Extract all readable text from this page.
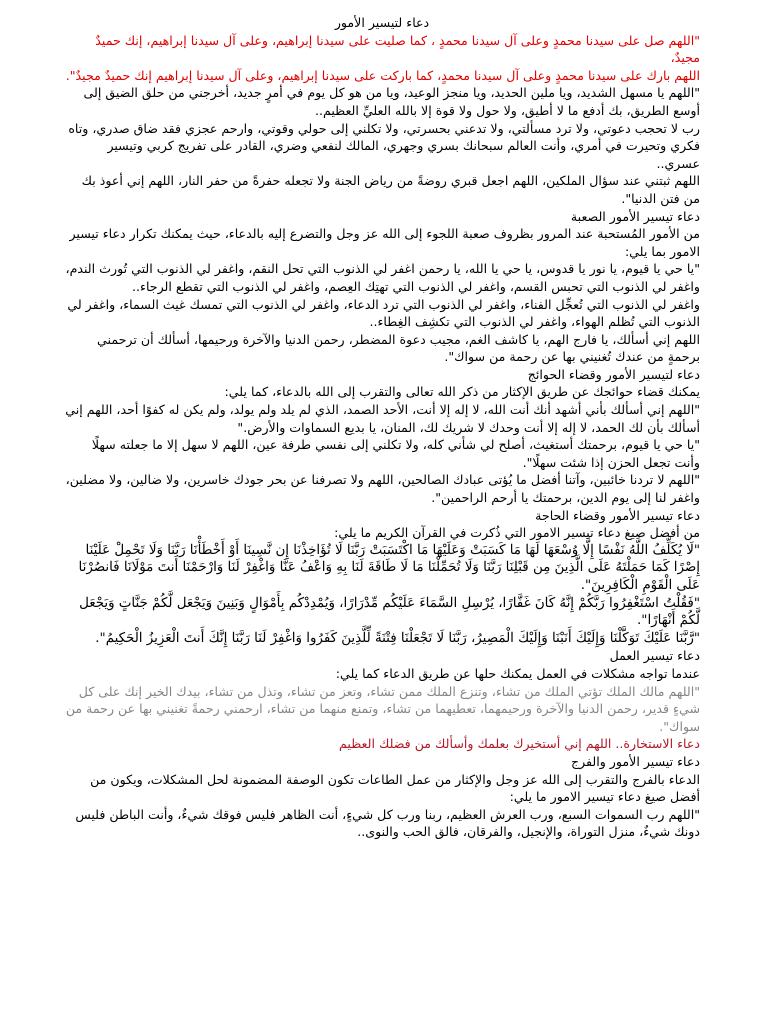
دعاء لتيسير الأمور

"اللهم صل على سيدنا محمدٍ وعلى آل سيدنا محمدٍ ، كما صليت على سيدنا إبراهيم، وعلى آل سيدنا إبراهيم، إنك حميدٌ مجيدٌ،

اللهم بارك على سيدنا محمدٍ وعلى آل سيدنا محمدٍ، كما باركت على سيدنا إبراهيم، وعلى آل سيدنا إبراهيم إنك حميدٌ مجيدٌ".

"اللهم يا مسهل الشديد، ويا ملين الحديد، ويا منجز الوعيد، ويا من هو كل يوم في أمرٍ جديد، أخرجني من حلق الضيق إلى أوسع الطريق، بك أدفع ما لا أطيق، ولا حول ولا قوة إلا بالله العليِّ العظيم..

رب لا تحجب دعوتي، ولا ترد مسألتي، ولا تدعني بحسرتي، ولا تكلني إلى حولي وقوتي، وارحم عجزي فقد ضاق صدري، وتاه فكري وتحيرت في أمري، وأنت العالم سبحانك بسري وجهري، المالك لنفعي وضري، القادر على تفريج كربي وتيسير عسري..

اللهم ثبتني عند سؤال الملكين، اللهم اجعل قبري روضةً من رياض الجنة ولا تجعله حفرةً من حفر النار، اللهم إني أعوذ بك من فتن الدنيا".

دعاء تيسير الأمور الصعبة

من الأمور المُستحبة عند المرور بظروف صعبة اللجوء إلى الله عز وجل والتضرع إليه بالدعاء، حيث يمكنك تكرار دعاء تيسير الامور بما يلي:

"يا حي يا قيوم، يا نور يا قدوس، يا حي يا الله، يا رحمن اغفر لي الذنوب التي تحل النقم، واغفر لي الذنوب التي تُورث الندم، واغفر لي الذنوب التي تحبس القسم، واغفر لي الذنوب التي تهتِك العِصم، واغفر لي الذنوب التي تقطع الرجاء..

واغفر لي الذنوب التي تُعجِّل الفناء، واغفر لي الذنوب التي ترد الدعاء، واغفر لي الذنوب التي تمسك غيث السماء، واغفر لي الذنوب التي تُظلم الهواء، واغفر لي الذنوب التي تكشِف الغِطاء..

اللهم إني أسألك، يا فارج الهم، يا كاشف الغم، مجيب دعوة المضطر، رحمن الدنيا والآخرة ورحيمها، أسألك أن ترحمني برحمةٍ من عندك تُغنيني بها عن رحمة من سواك".

دعاء لتيسير الأمور وقضاء الحوائج

يمكنك قضاء حوائجك عن طريق الإكثار من ذكر الله تعالى والتقرب إلى الله بالدعاء، كما يلي:

"اللهم إني أسألك بأني أشهد أنك أنت الله، لا إله إلا أنت، الأحد الصمد، الذي لم يلد ولم يولد، ولم يكن له كفوًا أحد، اللهم إني أسألك بأن لك الحمد، لا إله إلا أنت وحدك لا شريك لك، المنان، يا بديع السماوات والأرض."

"يا حي يا قيوم، برحمتك أستغيث، أصلح لي شأني كله، ولا تكلني إلى نفسي طرفة عين، اللهم لا سهل إلا ما جعلته سهلًا وأنت تجعل الحزن إذا شئت سهلًا".

"اللهم لا تردنا خائبين، وآتنا أفضل ما يُؤتى عبادك الصالحين، اللهم ولا تصرفنا عن بحر جودك خاسرين، ولا ضالين، ولا مضلين، واغفر لنا إلى يوم الدين، برحمتك يا أرحم الراحمين".

دعاء تيسير الأمور وقضاء الحاجة

من أفضل صيغ دعاء تيسير الامور التي ذُكرت في القرآن الكريم ما يلي:

"لَا يُكَلِّفُ اللَّهُ نَفْسًا إِلَّا وُسْعَهَا لَهَا مَا كَسَبَتْ وَعَلَيْهَا مَا اكْتَسَبَتْ رَبَّنَا لَا تُؤَاخِذْنَا إِن نَّسِينَا أَوْ أَخْطَأْنَا رَبَّنَا وَلَا تَحْمِلْ عَلَيْنَا إِصْرًا كَمَا حَمَلْتَهُ عَلَى الَّذِينَ مِن قَبْلِنَا رَبَّنَا وَلَا تُحَمِّلْنَا مَا لَا طَاقَةَ لَنَا بِهِ وَاعْفُ عَنَّا وَاغْفِرْ لَنَا وَارْحَمْنَا أَنتَ مَوْلَانَا فَانصُرْنَا عَلَى الْقَوْمِ الْكَافِرِينَ".

"فَقُلْتُ اسْتَغْفِرُوا رَبَّكُمْ إِنَّهُ كَانَ غَفَّارًا، يُرْسِلِ السَّمَاءَ عَلَيْكُم مِّدْرَارًا، وَيُمْدِدْكُم بِأَمْوَالٍ وَبَنِينَ وَيَجْعَل لَّكُمْ جَنَّاتٍ وَيَجْعَل لَّكُمْ أَنْهَارًا".

"رَّبَّنَا عَلَيْكَ تَوَكَّلْنَا وَإِلَيْكَ أَنَبْنَا وَإِلَيْكَ الْمَصِيرُ، رَبَّنَا لَا تَجْعَلْنَا فِتْنَةً لِّلَّذِينَ كَفَرُوا وَاغْفِرْ لَنَا رَبَّنَا إِنَّكَ أَنتَ الْعَزِيزُ الْحَكِيمُ".

دعاء تيسير العمل

عندما تواجه مشكلات في العمل يمكنك حلها عن طريق الدعاء كما يلي:

"اللهم مالك الملك تؤتي الملك من تشاء، وتنزع الملك ممن تشاء، وتعز من تشاء، وتذل من تشاء، بيدك الخير إنك على كل شيءٍ قدير، رحمن الدنيا والآخرة ورحيمهما، تعطيهما من تشاء، وتمنع منهما من تشاء، ارحمني رحمةً تغنيني بها عن رحمة من سواك".

دعاء الاستخارة.. اللهم إني أستخيرك بعلمك وأسألك من فضلك العظيم

دعاء تيسير الأمور والفرج

الدعاء بالفرج والتقرب إلى الله عز وجل والإكثار من عمل الطاعات تكون الوصفة المضمونة لحل المشكلات، ويكون من أفضل صيغ دعاء تيسير الامور ما يلي:

"اللهم رب السموات السبع، ورب العرش العظيم، ربنا ورب كل شيءٍ، أنت الظاهر فليس فوقك شيءٌ، وأنت الباطن فليس دونك شيءٌ، منزل التوراة، والإنجيل، والفرقان، فالق الحب والنوى..
